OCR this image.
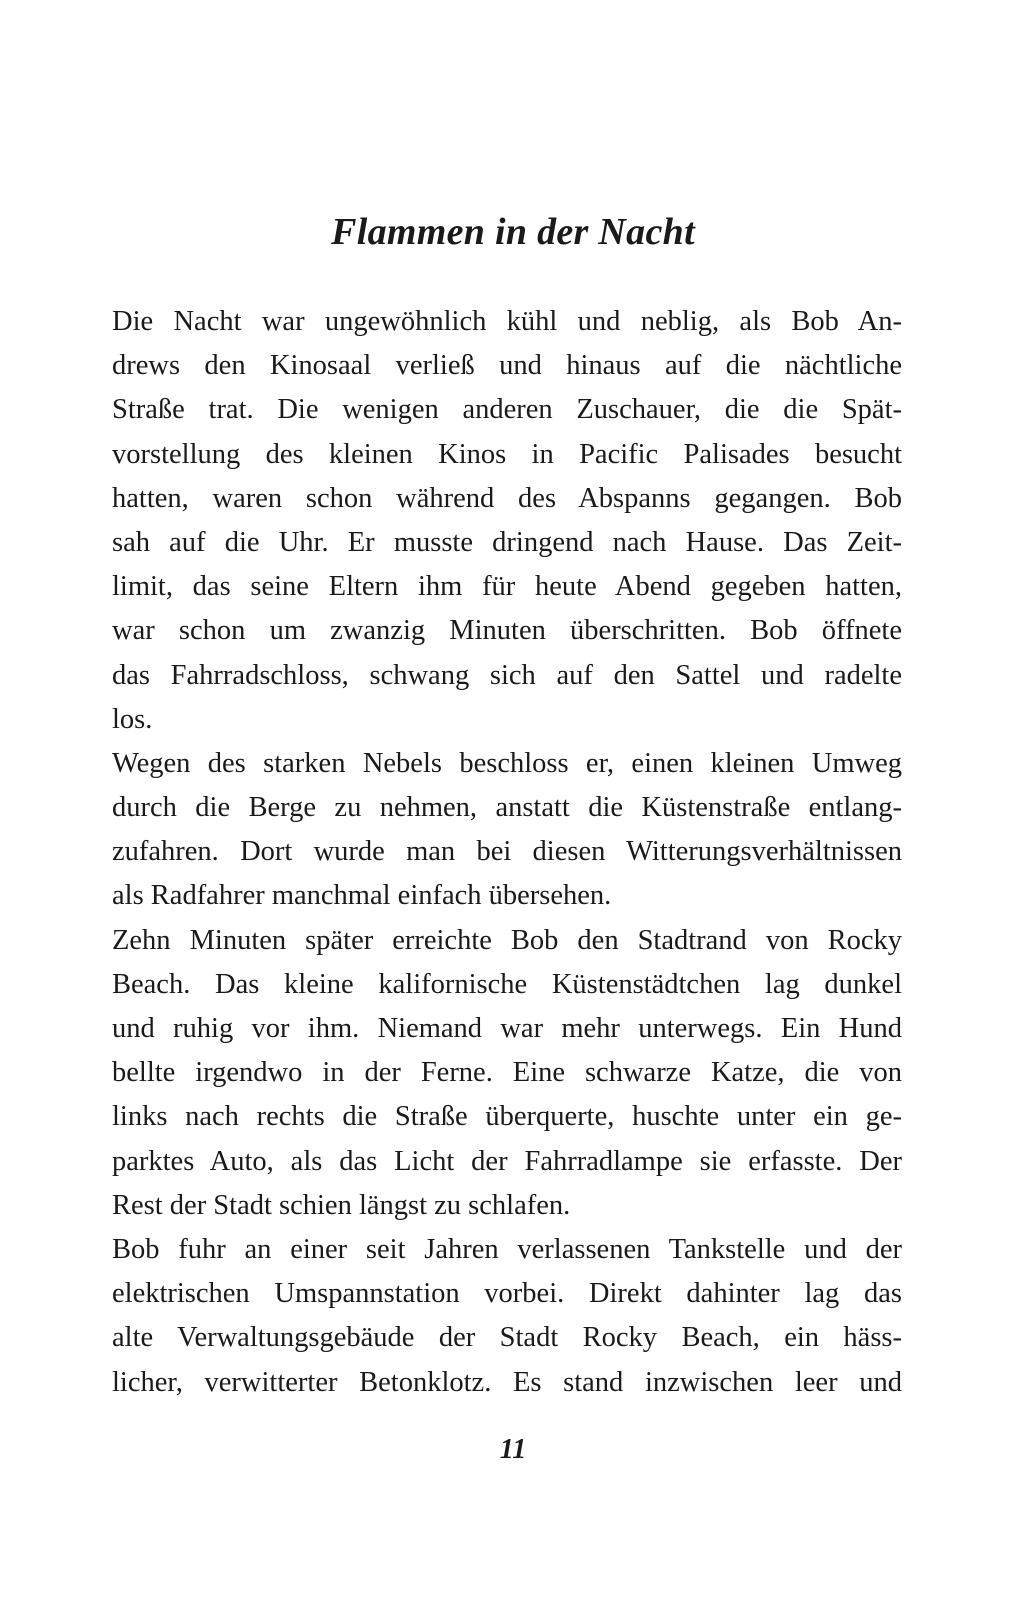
Flammen in der Nacht
Die Nacht war ungewöhnlich kühl und neblig, als Bob An-
drews den Kinosaal verließ und hinaus auf die nächtliche
Straße trat. Die wenigen anderen Zuschauer, die die Spät-
vorstellung des kleinen Kinos in Pacific Palisades besucht
hatten, waren schon während des Abspanns gegangen. Bob
sah auf die Uhr. Er musste dringend nach Hause. Das Zeit-
limit, das seine Eltern ihm für heute Abend gegeben hatten,
war schon um zwanzig Minuten überschritten. Bob öffnete
das Fahrradschloss, schwang sich auf den Sattel und radelte
los.
Wegen des starken Nebels beschloss er, einen kleinen Umweg
durch die Berge zu nehmen, anstatt die Küstenstraße entlang-
zufahren. Dort wurde man bei diesen Witterungsverhältnissen
als Radfahrer manchmal einfach übersehen.
Zehn Minuten später erreichte Bob den Stadtrand von Rocky
Beach. Das kleine kalifornische Küstenstädtchen lag dunkel
und ruhig vor ihm. Niemand war mehr unterwegs. Ein Hund
bellte irgendwo in der Ferne. Eine schwarze Katze, die von
links nach rechts die Straße überquerte, huschte unter ein ge-
parktes Auto, als das Licht der Fahrradlampe sie erfasste. Der
Rest der Stadt schien längst zu schlafen.
Bob fuhr an einer seit Jahren verlassenen Tankstelle und der
elektrischen Umspannstation vorbei. Direkt dahinter lag das
alte Verwaltungsgebäude der Stadt Rocky Beach, ein häss-
licher, verwitterter Betonklotz. Es stand inzwischen leer und
11
